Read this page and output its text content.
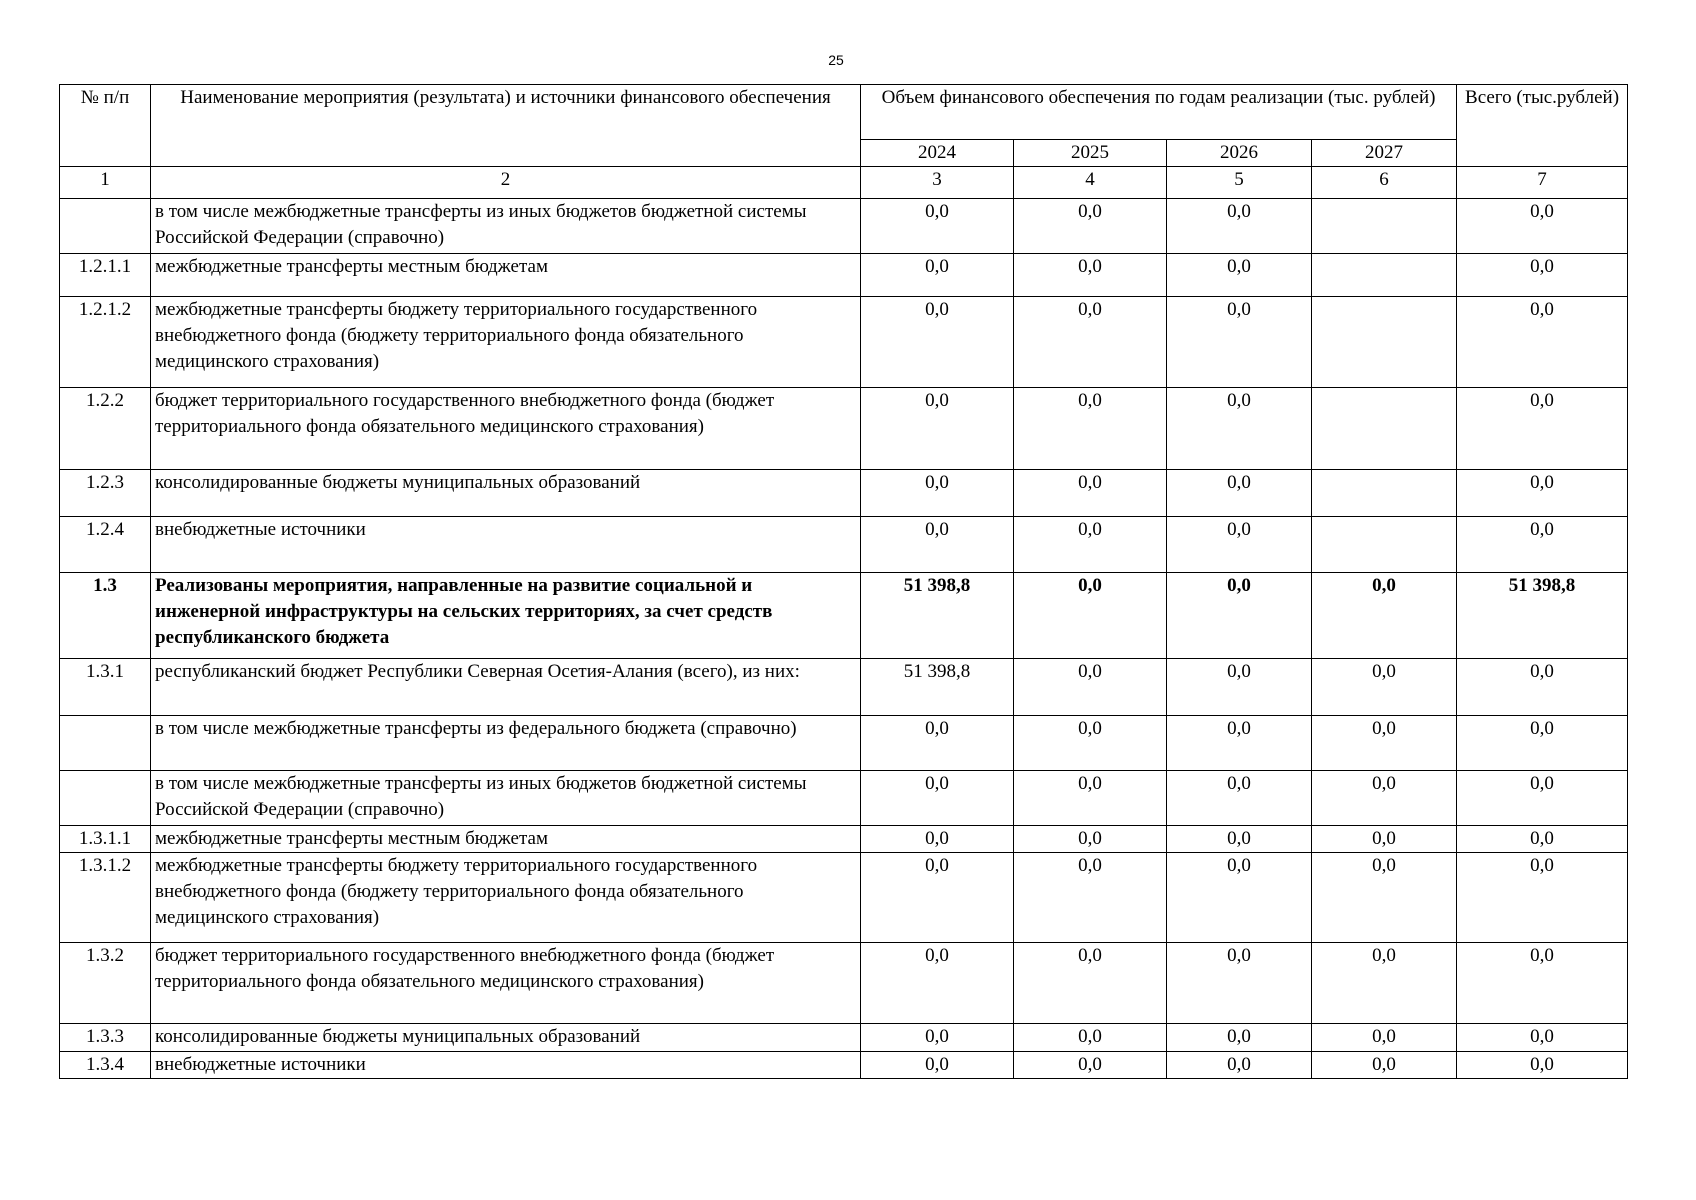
25
№ п/п	Наименование мероприятия (результата) и источники финансового обеспечения	Объем финансового обеспечения по годам реализации (тыс. рублей)				Всего (тыс.рублей)
		2024	2025	2026	2027	
1	2	3	4	5	6	7
	в том числе межбюджетные трансферты из иных бюджетов бюджетной системы Российской Федерации (справочно)	0,0	0,0	0,0		0,0
1.2.1.1	межбюджетные трансферты местным бюджетам	0,0	0,0	0,0		0,0
1.2.1.2	межбюджетные трансферты бюджету территориального государственного внебюджетного фонда (бюджету территориального фонда обязательного медицинского страхования)	0,0	0,0	0,0		0,0
1.2.2	бюджет территориального государственного внебюджетного фонда (бюджет территориального фонда обязательного медицинского страхования)	0,0	0,0	0,0		0,0
1.2.3	консолидированные бюджеты муниципальных образований	0,0	0,0	0,0		0,0
1.2.4	внебюджетные источники	0,0	0,0	0,0		0,0
1.3	Реализованы мероприятия, направленные на развитие социальной и инженерной инфраструктуры на сельских территориях, за счет средств республиканского бюджета	51 398,8	0,0	0,0	0,0	51 398,8
1.3.1	республиканский бюджет Республики Северная Осетия-Алания (всего), из них:	51 398,8	0,0	0,0	0,0	0,0
	в том числе межбюджетные трансферты из федерального бюджета (справочно)	0,0	0,0	0,0	0,0	0,0
	в том числе межбюджетные трансферты из иных бюджетов бюджетной системы Российской Федерации (справочно)	0,0	0,0	0,0	0,0	0,0
1.3.1.1	межбюджетные трансферты местным бюджетам	0,0	0,0	0,0	0,0	0,0
1.3.1.2	межбюджетные трансферты бюджету территориального государственного внебюджетного фонда (бюджету территориального фонда обязательного медицинского страхования)	0,0	0,0	0,0	0,0	0,0
1.3.2	бюджет территориального государственного внебюджетного фонда (бюджет территориального фонда обязательного медицинского страхования)	0,0	0,0	0,0	0,0	0,0
1.3.3	консолидированные бюджеты муниципальных образований	0,0	0,0	0,0	0,0	0,0
1.3.4	внебюджетные источники	0,0	0,0	0,0	0,0	0,0
